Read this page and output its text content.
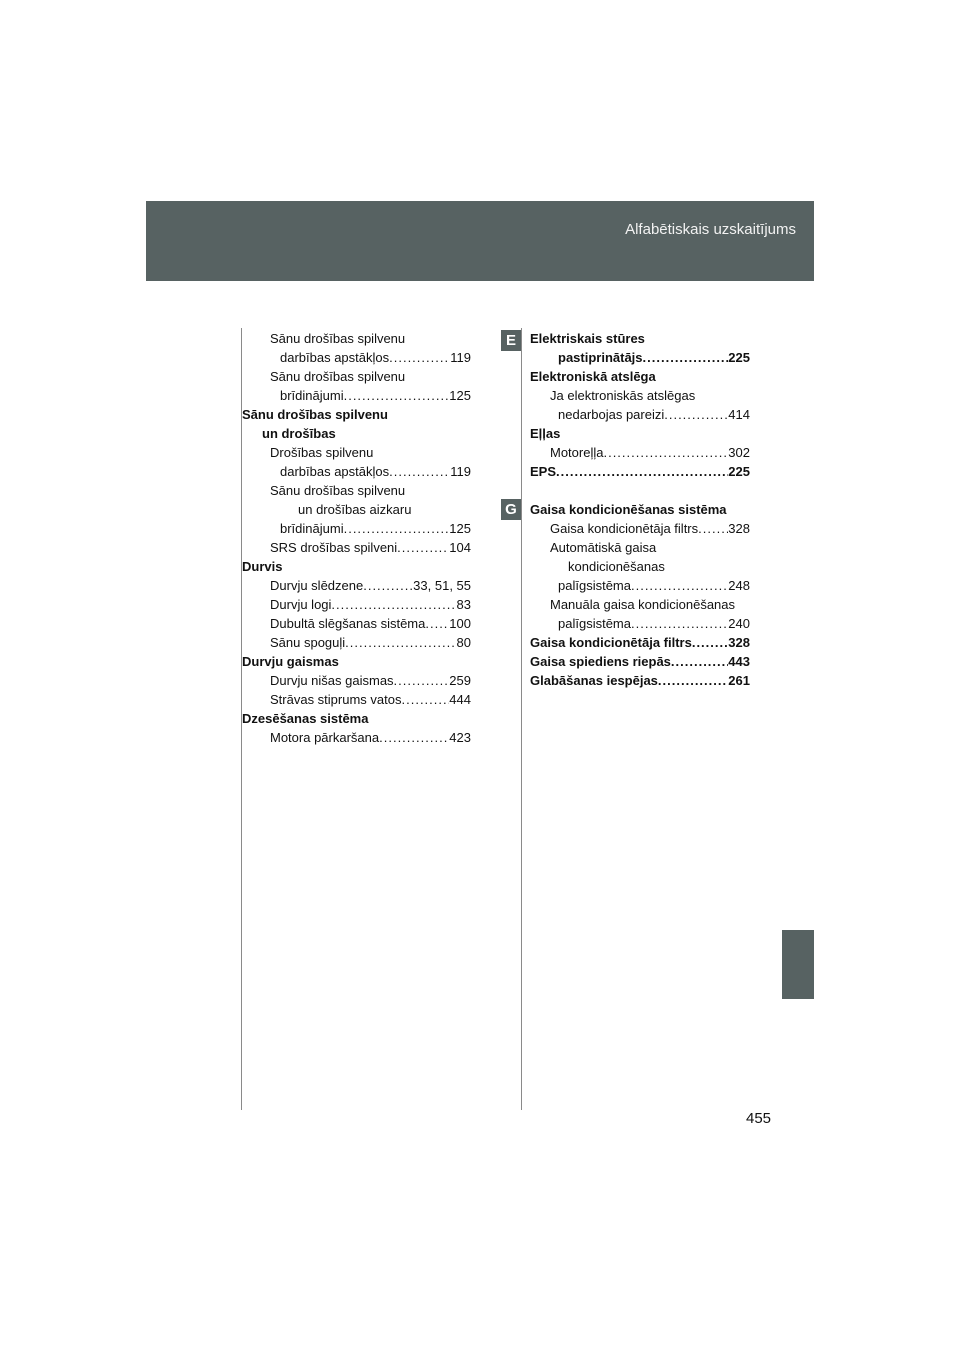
Alfabētiskais uzskaitījums
E
G
Sānu drošības spilvenu
darbības apstākļos .....	119
Sānu drošības spilvenu
brīdinājumi .....	125
Sānu drošības spilvenu
un drošības
Drošības spilvenu
darbības apstākļos .....	119
Sānu drošības spilvenu
un drošības aizkaru
brīdinājumi .....	125
SRS drošības spilveni .....	104
Durvis
Durvju slēdzene .....	33, 51, 55
Durvju logi .....	83
Dubultā slēgšanas sistēma ..... 100
Sānu spoguļi .....	80
Durvju gaismas
Durvju nišas gaismas .....	259
Strāvas stiprums vatos .....	444
Dzesēšanas sistēma
Motora pārkaršana .....	423
Elektriskais stūres
pastiprinātājs .....	225
Elektroniskā atslēga
Ja elektroniskās atslēgas
nedarbojas pareizi .....	414
Eļļas
Motoreļļa .....	302
EPS .....	225
Gaisa kondicionēšanas sistēma
Gaisa kondicionētāja filtrs ..... 328
Automātiskā gaisa
kondicionēšanas
palīgsistēma .....	248
Manuāla gaisa kondicionēšanas
palīgsistēma .....	240
Gaisa kondicionētāja filtrs .....	328
Gaisa spiediens riepās .....	443
Glabāšanas iespējas .....	261
455
